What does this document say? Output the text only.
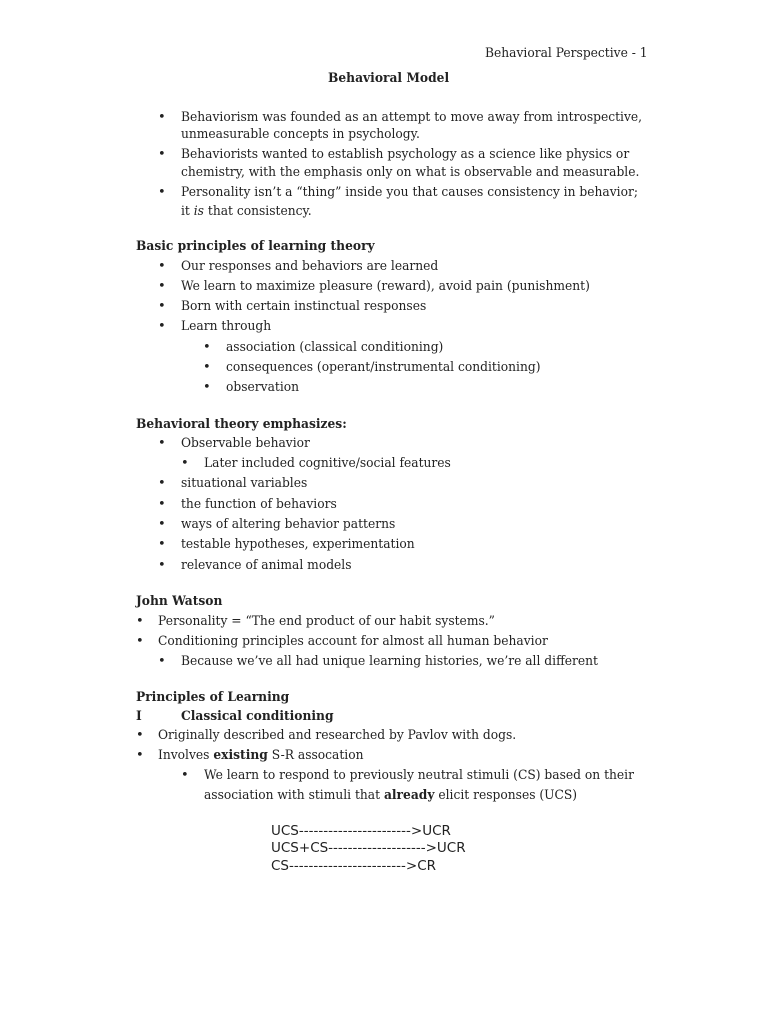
Behavioral Perspective - 1
Behavioral Model
• Behaviorism was founded as an attempt to move away from introspective,
unmeasurable concepts in psychology.
• Behaviorists wanted to establish psychology as a science like physics or
chemistry, with the emphasis only on what is observable and measurable.
• Personality isn’t a “thing” inside you that causes consistency in behavior;
it is that consistency.
Basic principles of learning theory
• Our responses and behaviors are learned
• We learn to maximize pleasure (reward), avoid pain (punishment)
• Born with certain instinctual responses
• Learn through
• association (classical conditioning)
• consequences (operant/instrumental conditioning)
• observation
Behavioral theory emphasizes:
• Observable behavior
• Later included cognitive/social features
• situational variables
• the function of behaviors
• ways of altering behavior patterns
• testable hypotheses, experimentation
• relevance of animal models
John Watson
• Personality = “The end product of our habit systems.”
• Conditioning principles account for almost all human behavior
• Because we’ve all had unique learning histories, we’re all different
Principles of Learning
I	Classical conditioning
• Originally described and researched by Pavlov with dogs.
• Involves existing S-R assocation
• We learn to respond to previously neutral stimuli (CS) based on their
association with stimuli that already elicit responses (UCS)
UCS----------------------->UCR
UCS+CS-------------------->UCR
CS------------------------>CR
